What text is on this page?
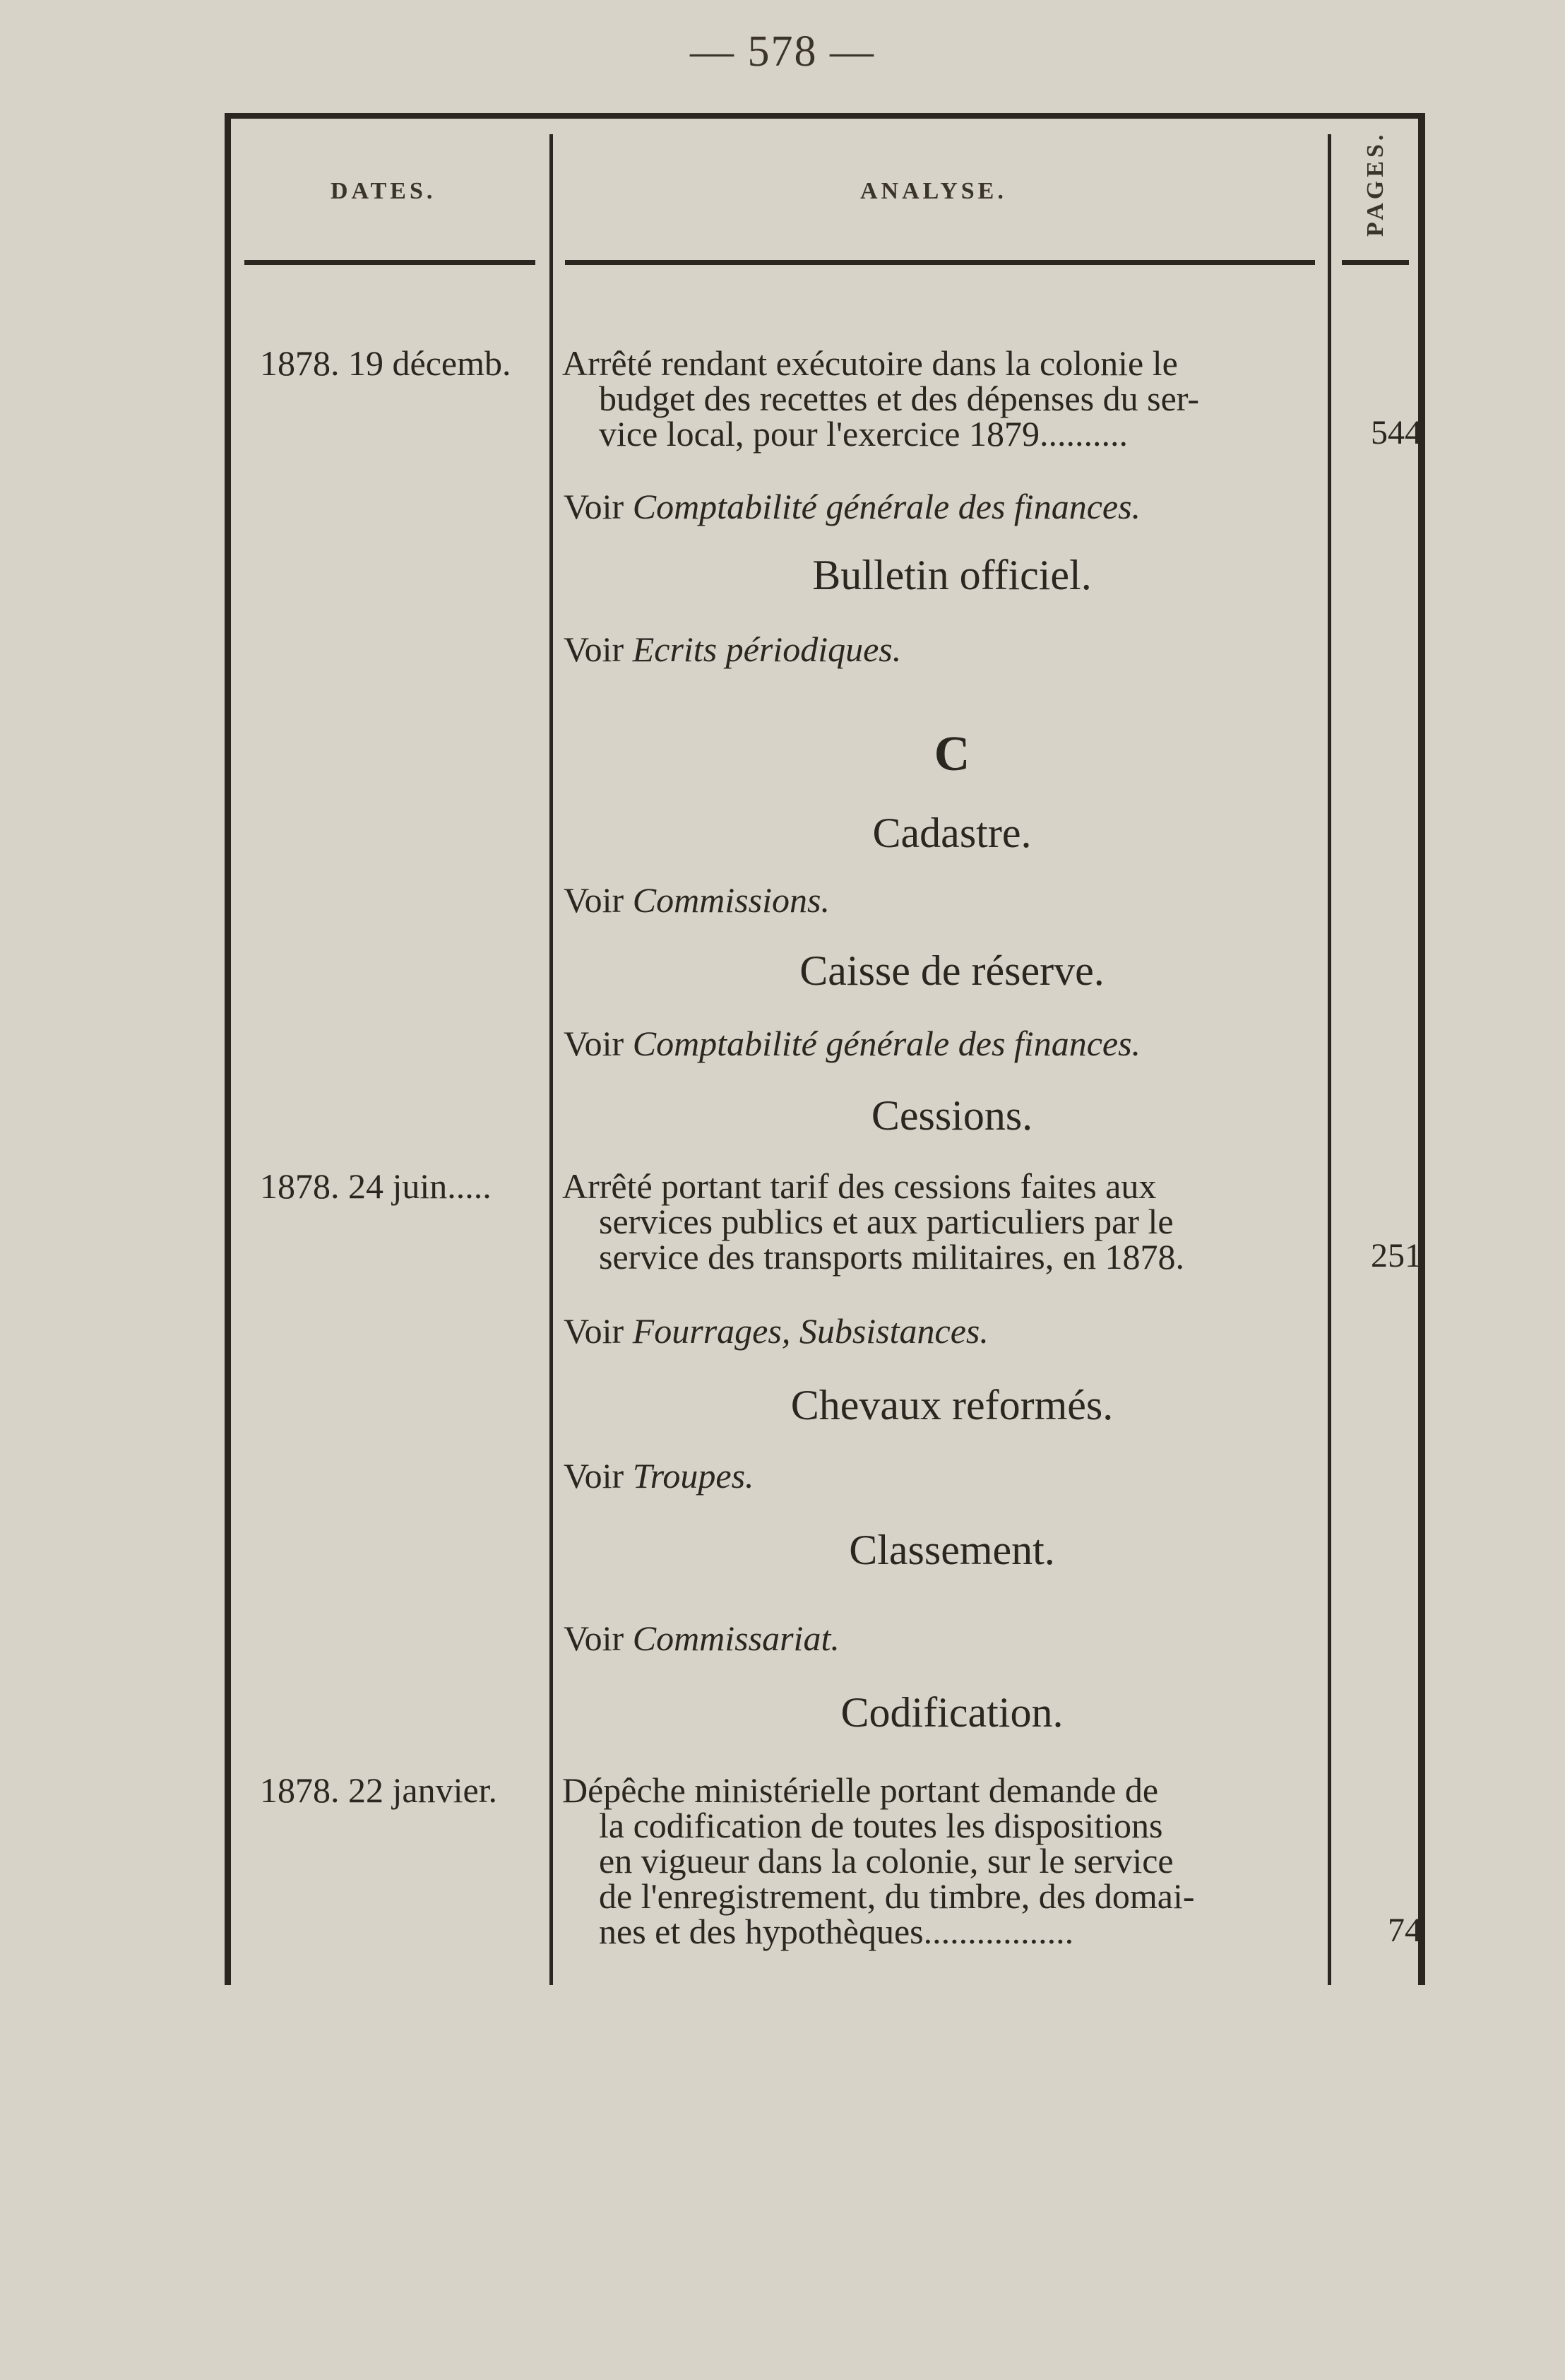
— 578 —
DATES.	ANALYSE.	PAGES.
1878. 19 décemb. Arrêté rendant exécutoire dans la colonie le
budget des recettes et des dépenses du ser-
vice local, pour l'exercice 1879..........	544
Voir Comptabilité générale des finances.
Bulletin officiel.
Voir Ecrits périodiques.
C
Cadastre.
Voir Commissions.
Caisse de réserve.
Voir Comptabilité générale des finances.
Cessions.
1878. 24 juin..... Arrêté portant tarif des cessions faites aux
services publics et aux particuliers par le
service des transports militaires, en 1878.	251
Voir Fourrages, Subsistances.
Chevaux reformés.
Voir Troupes.
Classement.
Voir Commissariat.
Codification.
1878. 22 janvier. Dépêche ministérielle portant demande de
la codification de toutes les dispositions
en vigueur dans la colonie, sur le service
de l'enregistrement, du timbre, des domai-
nes et des hypothèques.................	74
